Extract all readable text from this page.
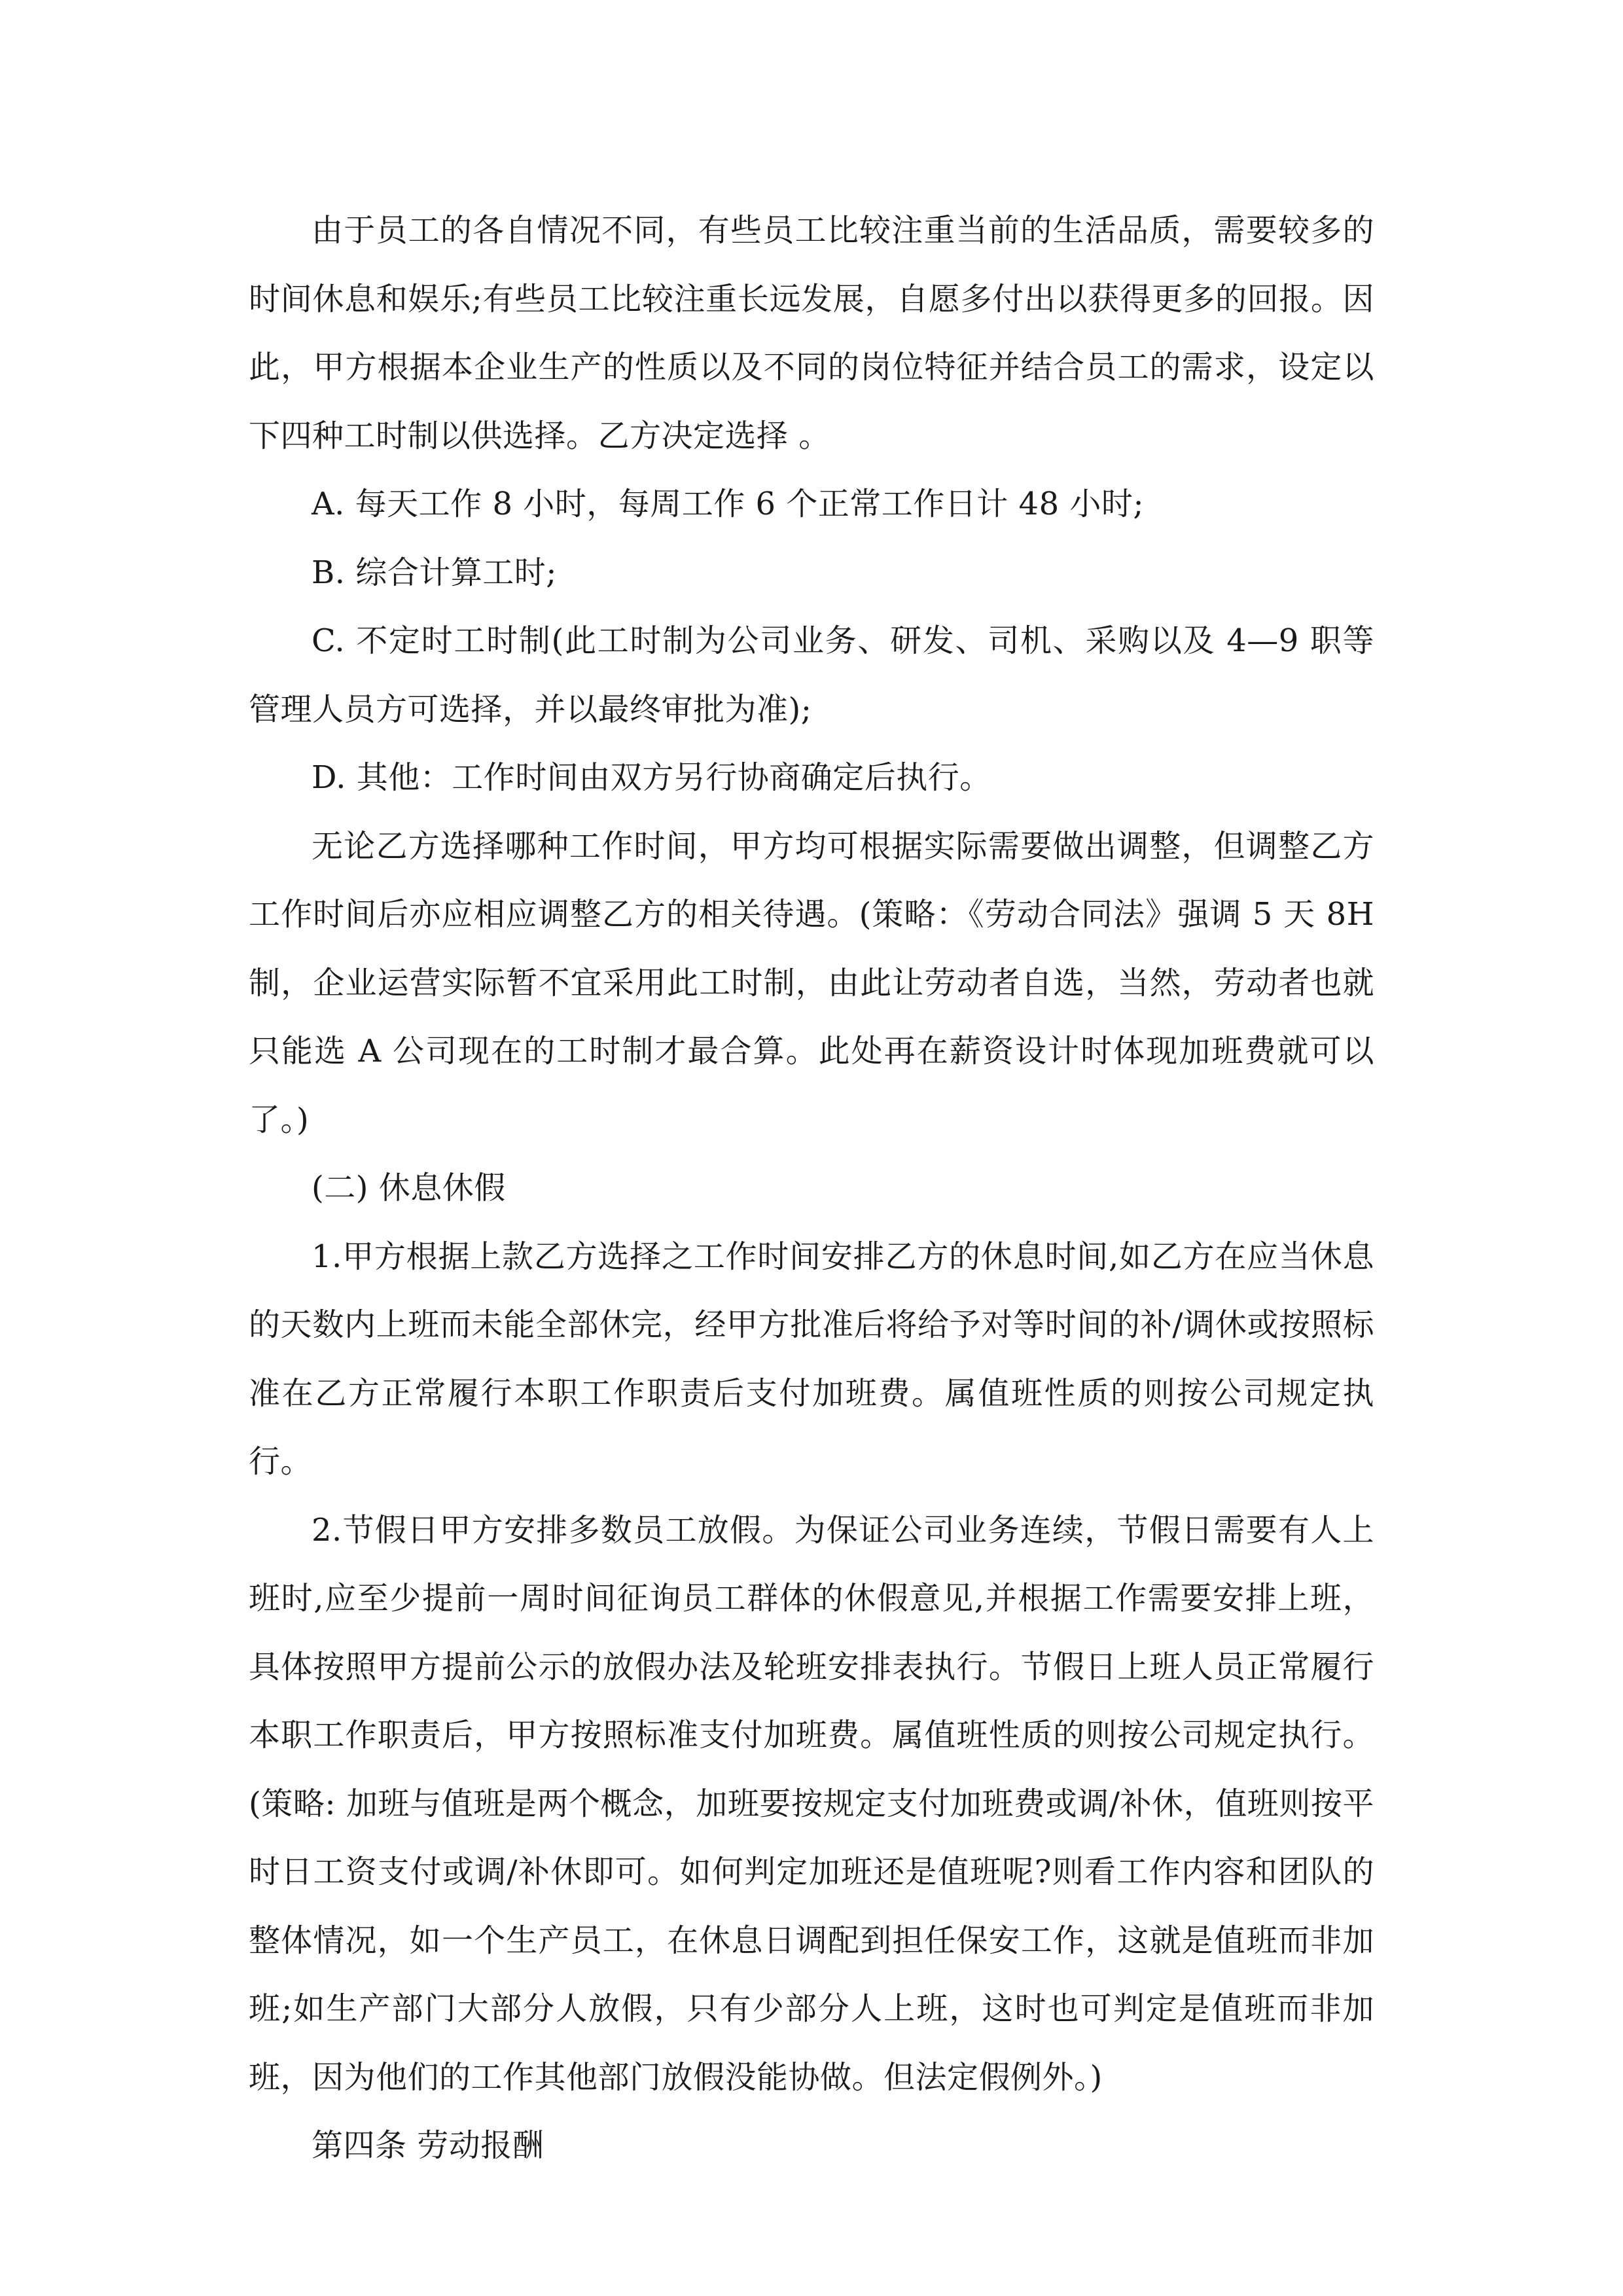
由于员工的各自情况不同，有些员工比较注重当前的生活品质，需要较多的时间休息和娱乐;有些员工比较注重长远发展，自愿多付出以获得更多的回报。因此，甲方根据本企业生产的性质以及不同的岗位特征并结合员工的需求，设定以下四种工时制以供选择。乙方决定选择 。

A. 每天工作 8 小时，每周工作 6 个正常工作日计 48 小时;

B. 综合计算工时;

C. 不定时工时制(此工时制为公司业务、研发、司机、采购以及 4—9 职等管理人员方可选择，并以最终审批为准);

D. 其他：工作时间由双方另行协商确定后执行。

无论乙方选择哪种工作时间，甲方均可根据实际需要做出调整，但调整乙方工作时间后亦应相应调整乙方的相关待遇。(策略：《劳动合同法》强调 5 天 8H 制，企业运营实际暂不宜采用此工时制，由此让劳动者自选，当然，劳动者也就只能选 A 公司现在的工时制才最合算。此处再在薪资设计时体现加班费就可以了。)

(二) 休息休假

1.甲方根据上款乙方选择之工作时间安排乙方的休息时间,如乙方在应当休息的天数内上班而未能全部休完，经甲方批准后将给予对等时间的补/调休或按照标准在乙方正常履行本职工作职责后支付加班费。属值班性质的则按公司规定执行。

2.节假日甲方安排多数员工放假。为保证公司业务连续，节假日需要有人上班时,应至少提前一周时间征询员工群体的休假意见,并根据工作需要安排上班，具体按照甲方提前公示的放假办法及轮班安排表执行。节假日上班人员正常履行本职工作职责后，甲方按照标准支付加班费。属值班性质的则按公司规定执行。(策略: 加班与值班是两个概念，加班要按规定支付加班费或调/补休，值班则按平时日工资支付或调/补休即可。如何判定加班还是值班呢?则看工作内容和团队的整体情况，如一个生产员工，在休息日调配到担任保安工作，这就是值班而非加班;如生产部门大部分人放假，只有少部分人上班，这时也可判定是值班而非加班，因为他们的工作其他部门放假没能协做。但法定假例外。)

第四条 劳动报酬
